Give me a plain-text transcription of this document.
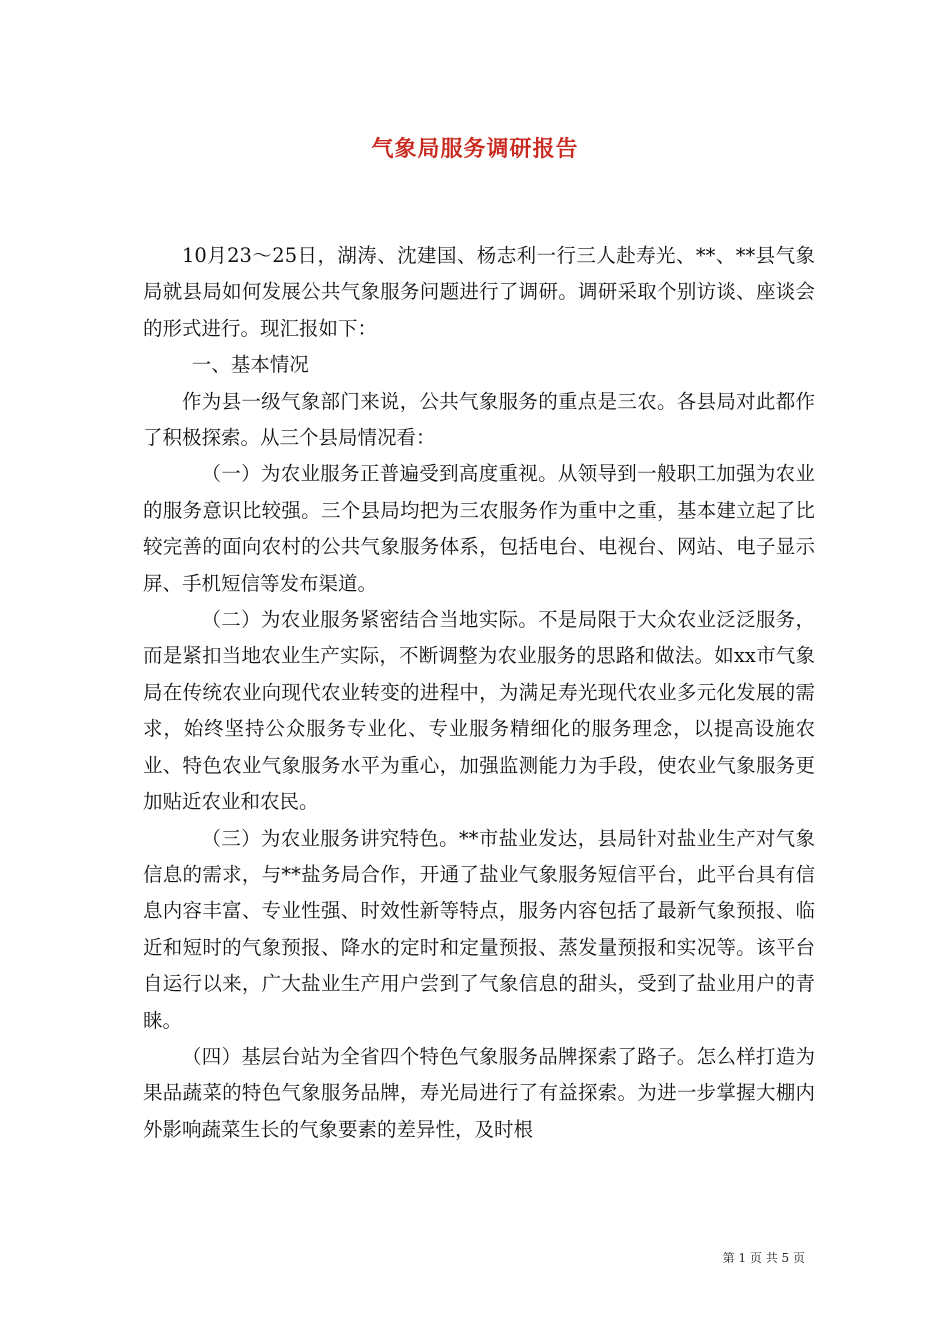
气象局服务调研报告

10月23～25日，湖涛、沈建国、杨志利一行三人赴寿光、**、**县气象局就县局如何发展公共气象服务问题进行了调研。调研采取个别访谈、座谈会的形式进行。现汇报如下：

一、基本情况

作为县一级气象部门来说，公共气象服务的重点是三农。各县局对此都作了积极探索。从三个县局情况看：

（一）为农业服务正普遍受到高度重视。从领导到一般职工加强为农业的服务意识比较强。三个县局均把为三农服务作为重中之重，基本建立起了比较完善的面向农村的公共气象服务体系，包括电台、电视台、网站、电子显示屏、手机短信等发布渠道。

（二）为农业服务紧密结合当地实际。不是局限于大众农业泛泛服务，而是紧扣当地农业生产实际，不断调整为农业服务的思路和做法。如xx市气象局在传统农业向现代农业转变的进程中，为满足寿光现代农业多元化发展的需求，始终坚持公众服务专业化、专业服务精细化的服务理念，以提高设施农业、特色农业气象服务水平为重心，加强监测能力为手段，使农业气象服务更加贴近农业和农民。

（三）为农业服务讲究特色。**市盐业发达，县局针对盐业生产对气象信息的需求，与**盐务局合作，开通了盐业气象服务短信平台，此平台具有信息内容丰富、专业性强、时效性新等特点，服务内容包括了最新气象预报、临近和短时的气象预报、降水的定时和定量预报、蒸发量预报和实况等。该平台自运行以来，广大盐业生产用户尝到了气象信息的甜头，受到了盐业用户的青睐。

（四）基层台站为全省四个特色气象服务品牌探索了路子。怎么样打造为果品蔬菜的特色气象服务品牌，寿光局进行了有益探索。为进一步掌握大棚内外影响蔬菜生长的气象要素的差异性，及时根

第 1 页 共 5 页
